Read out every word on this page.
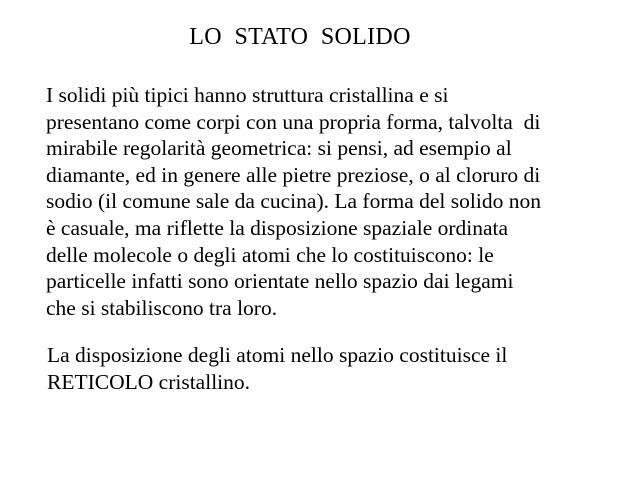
LO  STATO  SOLIDO
I solidi più tipici hanno struttura cristallina e si
presentano come corpi con una propria forma, talvolta  di
mirabile regolarità geometrica: si pensi, ad esempio al
diamante, ed in genere alle pietre preziose, o al cloruro di
sodio (il comune sale da cucina). La forma del solido non
è casuale, ma riflette la disposizione spaziale ordinata
delle molecole o degli atomi che lo costituiscono: le
particelle infatti sono orientate nello spazio dai legami
che si stabiliscono tra loro.
La disposizione degli atomi nello spazio costituisce il
RETICOLO cristallino.
